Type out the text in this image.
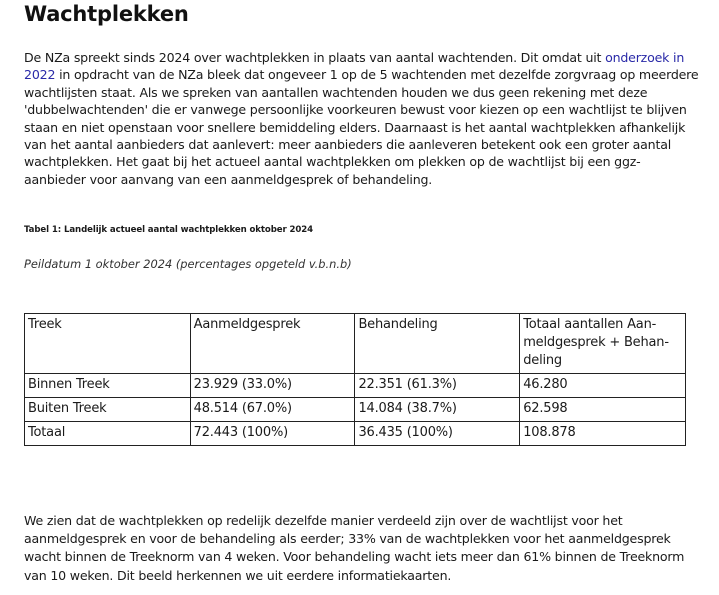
Wachtplekken

De NZa spreekt sinds 2024 over wachtplekken in plaats van aantal wachtenden. Dit omdat uit onderzoek in 2022 in opdracht van de NZa bleek dat ongeveer 1 op de 5 wachtenden met dezelfde zorgvraag op meerdere wachtlijsten staat. Als we spreken van aantallen wachtenden houden we dus geen rekening met deze 'dubbelwachtenden' die er vanwege persoonlijke voorkeuren bewust voor kiezen op een wachtlijst te blijven staan en niet openstaan voor snellere bemiddeling elders. Daarnaast is het aantal wachtplekken afhankelijk van het aantal aanbieders dat aanlevert: meer aanbieders die aanleveren betekent ook een groter aantal wachtplekken. Het gaat bij het actueel aantal wachtplekken om plekken op de wachtlijst bij een ggz-aanbieder voor aanvang van een aanmeldgesprek of behandeling.

Tabel 1: Landelijk actueel aantal wachtplekken oktober 2024

Peildatum 1 oktober 2024 (percentages opgeteld v.b.n.b)

Treek	Aanmeldgesprek	Behandeling	Totaal aantallen Aan-meldgesprek + Behan-deling
Binnen Treek	23.929 (33.0%)	22.351 (61.3%)	46.280
Buiten Treek	48.514 (67.0%)	14.084 (38.7%)	62.598
Totaal	72.443 (100%)	36.435 (100%)	108.878

We zien dat de wachtplekken op redelijk dezelfde manier verdeeld zijn over de wachtlijst voor het aanmeldgesprek en voor de behandeling als eerder; 33% van de wachtplekken voor het aanmeldgesprek wacht binnen de Treeknorm van 4 weken. Voor behandeling wacht iets meer dan 61% binnen de Treeknorm van 10 weken. Dit beeld herkennen we uit eerdere informatiekaarten.
